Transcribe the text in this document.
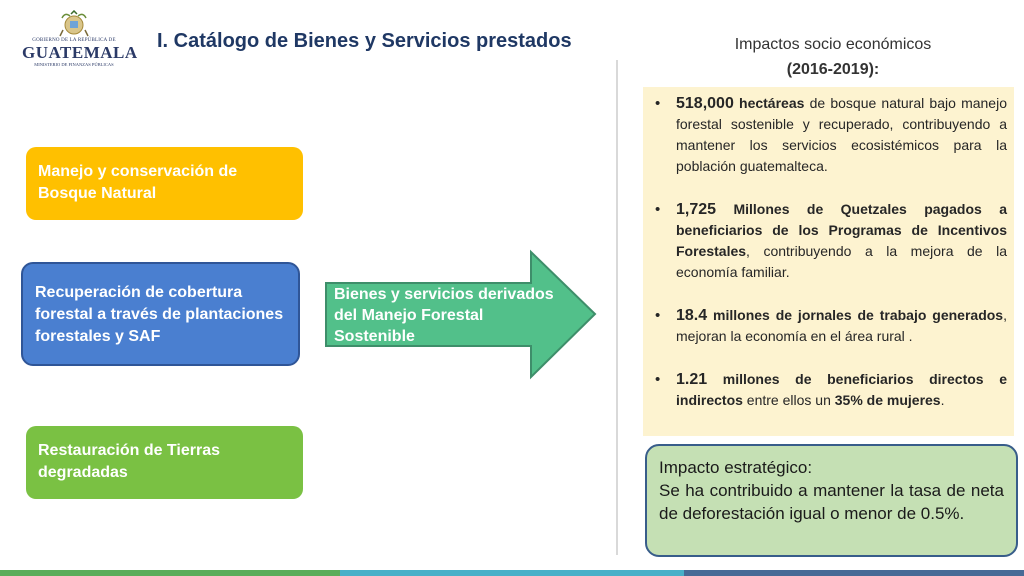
GOBIERNO DE LA REPÚBLICA DE
GUATEMALA
MINISTERIO DE FINANZAS PÚBLICAS
I. Catálogo de Bienes y Servicios prestados	Impactos socio económicos
(2016-2019):
Manejo y conservación de Bosque Natural
Recuperación de cobertura forestal a través de plantaciones forestales y SAF
Restauración de Tierras degradadas
Bienes y servicios derivados del Manejo Forestal Sostenible
• 518,000 hectáreas de bosque natural bajo manejo forestal sostenible y recuperado, contribuyendo a mantener los servicios ecosistémicos para la población guatemalteca.
• 1,725 Millones de Quetzales pagados a beneficiarios de los Programas de Incentivos Forestales, contribuyendo a la mejora de la economía familiar.
• 18.4 millones de jornales de trabajo generados, mejoran la economía en el área rural .
• 1.21 millones de beneficiarios directos e indirectos entre ellos un 35% de mujeres.
Impacto estratégico:
Se ha contribuido a mantener la tasa de neta de deforestación igual o menor de 0.5%.
